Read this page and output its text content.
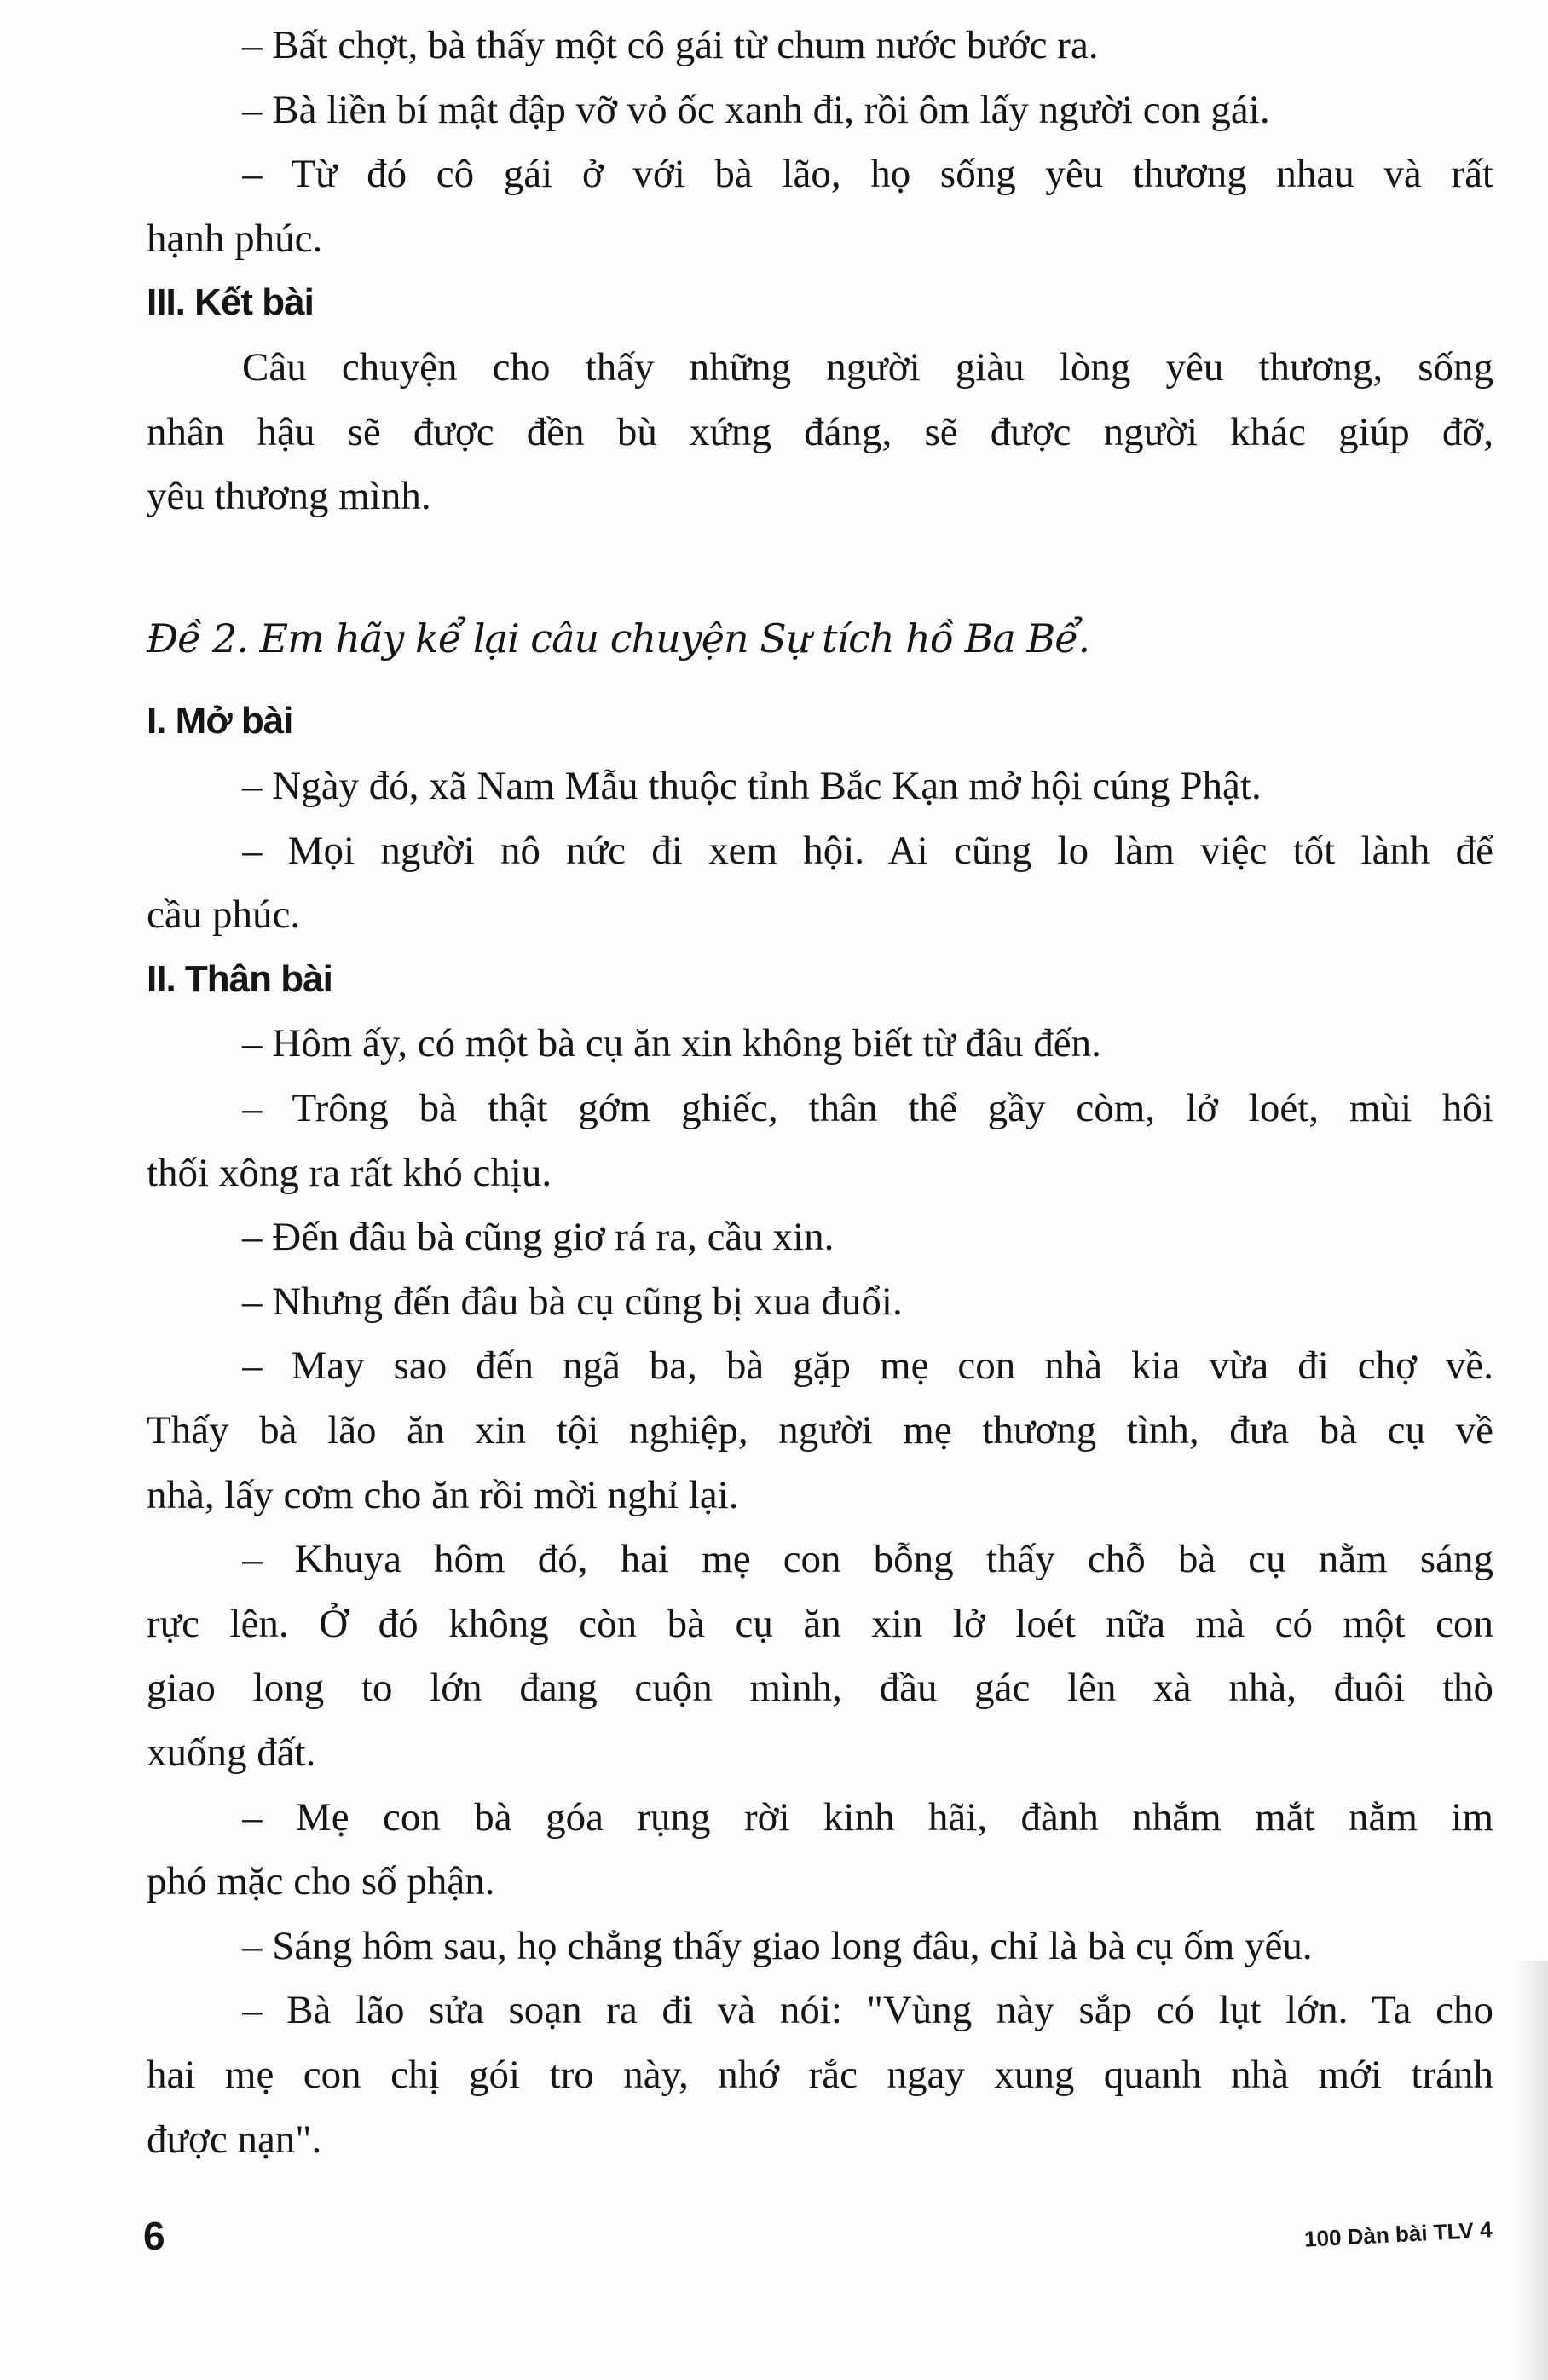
– Bất chợt, bà thấy một cô gái từ chum nước bước ra.
– Bà liền bí mật đập vỡ vỏ ốc xanh đi, rồi ôm lấy người con gái.
– Từ đó cô gái ở với bà lão, họ sống yêu thương nhau và rất
hạnh phúc.
III. Kết bài
Câu chuyện cho thấy những người giàu lòng yêu thương, sống
nhân hậu sẽ được đền bù xứng đáng, sẽ được người khác giúp đỡ,
yêu thương mình.
Đề 2. Em hãy kể lại câu chuyện Sự tích hồ Ba Bể.
I. Mở bài
– Ngày đó, xã Nam Mẫu thuộc tỉnh Bắc Kạn mở hội cúng Phật.
– Mọi người nô nức đi xem hội. Ai cũng lo làm việc tốt lành để
cầu phúc.
II. Thân bài
– Hôm ấy, có một bà cụ ăn xin không biết từ đâu đến.
– Trông bà thật gớm ghiếc, thân thể gầy còm, lở loét, mùi hôi
thối xông ra rất khó chịu.
– Đến đâu bà cũng giơ rá ra, cầu xin.
– Nhưng đến đâu bà cụ cũng bị xua đuổi.
– May sao đến ngã ba, bà gặp mẹ con nhà kia vừa đi chợ về.
Thấy bà lão ăn xin tội nghiệp, người mẹ thương tình, đưa bà cụ về
nhà, lấy cơm cho ăn rồi mời nghỉ lại.
– Khuya hôm đó, hai mẹ con bỗng thấy chỗ bà cụ nằm sáng
rực lên. Ở đó không còn bà cụ ăn xin lở loét nữa mà có một con
giao long to lớn đang cuộn mình, đầu gác lên xà nhà, đuôi thò
xuống đất.
– Mẹ con bà góa rụng rời kinh hãi, đành nhắm mắt nằm im
phó mặc cho số phận.
– Sáng hôm sau, họ chẳng thấy giao long đâu, chỉ là bà cụ ốm yếu.
– Bà lão sửa soạn ra đi và nói: "Vùng này sắp có lụt lớn. Ta cho
hai mẹ con chị gói tro này, nhớ rắc ngay xung quanh nhà mới tránh
được nạn".
6	100 Dàn bài TLV 4
